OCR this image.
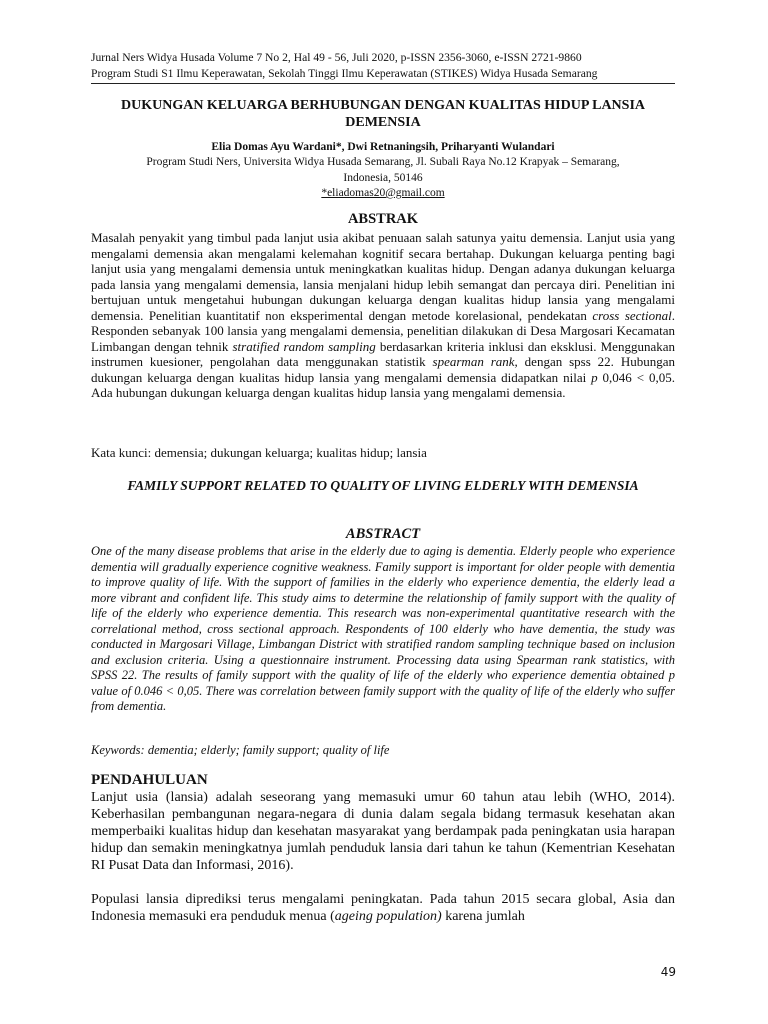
Jurnal Ners Widya Husada Volume 7 No 2, Hal 49 - 56, Juli 2020, p-ISSN 2356-3060, e-ISSN 2721-9860
Program Studi S1 Ilmu Keperawatan, Sekolah Tinggi Ilmu Keperawatan (STIKES) Widya Husada Semarang
DUKUNGAN KELUARGA BERHUBUNGAN DENGAN KUALITAS HIDUP LANSIA DEMENSIA
Elia Domas Ayu Wardani*, Dwi Retnaningsih, Priharyanti Wulandari
Program Studi Ners, Universita Widya Husada Semarang, Jl. Subali Raya No.12 Krapyak – Semarang,
Indonesia, 50146
*eliadomas20@gmail.com
ABSTRAK
Masalah penyakit yang timbul pada lanjut usia akibat penuaan salah satunya yaitu demensia. Lanjut usia yang mengalami demensia akan mengalami kelemahan kognitif secara bertahap. Dukungan keluarga penting bagi lanjut usia yang mengalami demensia untuk meningkatkan kualitas hidup. Dengan adanya dukungan keluarga pada lansia yang mengalami demensia, lansia menjalani hidup lebih semangat dan percaya diri. Penelitian ini bertujuan untuk mengetahui hubungan dukungan keluarga dengan kualitas hidup lansia yang mengalami demensia. Penelitian kuantitatif non eksperimental dengan metode korelasional, pendekatan cross sectional. Responden sebanyak 100 lansia yang mengalami demensia, penelitian dilakukan di Desa Margosari Kecamatan Limbangan dengan tehnik stratified random sampling berdasarkan kriteria inklusi dan eksklusi. Menggunakan instrumen kuesioner, pengolahan data menggunakan statistik spearman rank, dengan spss 22. Hubungan dukungan keluarga dengan kualitas hidup lansia yang mengalami demensia didapatkan nilai p 0,046 < 0,05. Ada hubungan dukungan keluarga dengan kualitas hidup lansia yang mengalami demensia.
Kata kunci: demensia; dukungan keluarga; kualitas hidup; lansia
FAMILY SUPPORT RELATED TO QUALITY OF LIVING ELDERLY WITH DEMENSIA
ABSTRACT
One of the many disease problems that arise in the elderly due to aging is dementia. Elderly people who experience dementia will gradually experience cognitive weakness. Family support is important for older people with dementia to improve quality of life. With the support of families in the elderly who experience dementia, the elderly lead a more vibrant and confident life. This study aims to determine the relationship of family support with the quality of life of the elderly who experience dementia. This research was non-experimental quantitative research with the correlational method, cross sectional approach. Respondents of 100 elderly who have dementia, the study was conducted in Margosari Village, Limbangan District with stratified random sampling technique based on inclusion and exclusion criteria. Using a questionnaire instrument. Processing data using Spearman rank statistics, with SPSS 22. The results of family support with the quality of life of the elderly who experience dementia obtained p value of 0.046 < 0,05. There was correlation between family support with the quality of life of the elderly who suffer from dementia.
Keywords: dementia; elderly; family support; quality of life
PENDAHULUAN
Lanjut usia (lansia) adalah seseorang yang memasuki umur 60 tahun atau lebih (WHO, 2014). Keberhasilan pembangunan negara-negara di dunia dalam segala bidang termasuk kesehatan akan memperbaiki kualitas hidup dan kesehatan masyarakat yang berdampak pada peningkatan usia harapan hidup dan semakin meningkatnya jumlah penduduk lansia dari tahun ke tahun (Kementrian Kesehatan RI Pusat Data dan Informasi, 2016).
Populasi lansia diprediksi terus mengalami peningkatan. Pada tahun 2015 secara global, Asia dan Indonesia memasuki era penduduk menua (ageing population) karena jumlah
49
